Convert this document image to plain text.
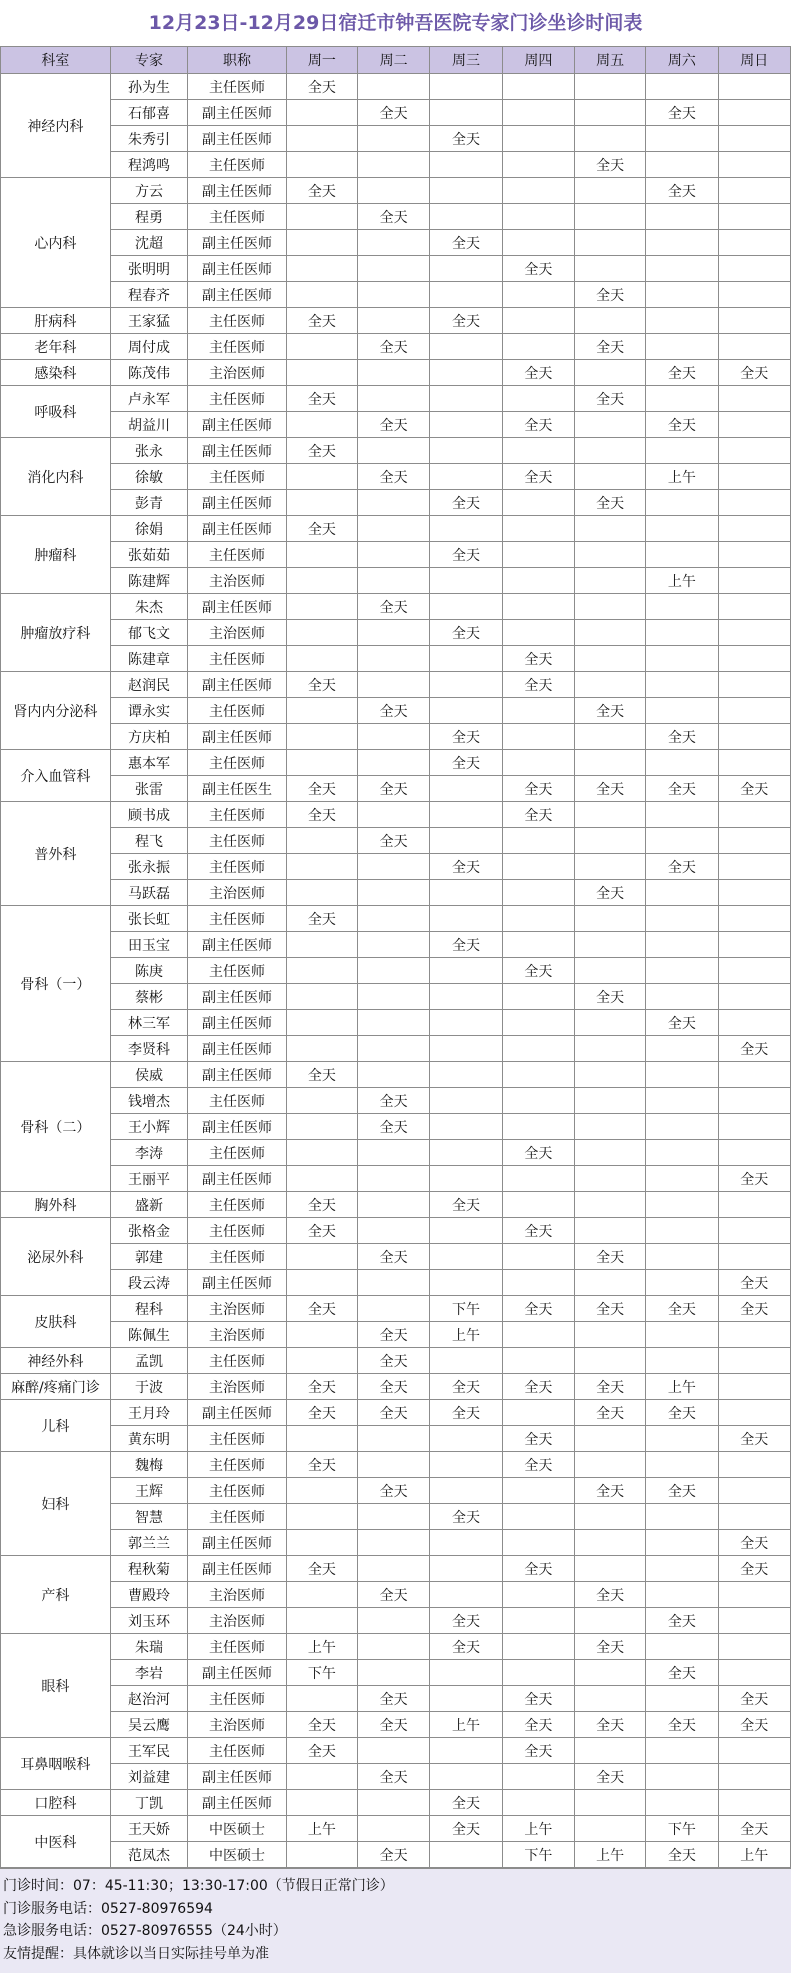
12月23日-12月29日宿迁市钟吾医院专家门诊坐诊时间表
科室	专家	职称	周一	周二	周三	周四	周五	周六	周日
神经内科	孙为生	主任医师	全天						
	石郁喜	副主任医师		全天				全天	
	朱秀引	副主任医师			全天				
	程鸿鸣	主任医师					全天		
心内科	方云	副主任医师	全天					全天	
	程勇	主任医师		全天					
	沈超	副主任医师			全天				
	张明明	副主任医师				全天			
	程春齐	副主任医师					全天		
肝病科	王家猛	主任医师	全天		全天				
老年科	周付成	主任医师		全天			全天		
感染科	陈茂伟	主治医师				全天		全天	全天
呼吸科	卢永军	主任医师	全天				全天		
	胡益川	副主任医师		全天		全天		全天	
消化内科	张永	副主任医师	全天						
	徐敏	主任医师		全天		全天		上午	
	彭青	副主任医师			全天		全天		
肿瘤科	徐娟	副主任医师	全天						
	张茹茹	主任医师			全天				
	陈建辉	主治医师						上午	
肿瘤放疗科	朱杰	副主任医师		全天					
	郁飞文	主治医师			全天				
	陈建章	主任医师				全天			
肾内内分泌科	赵润民	副主任医师	全天			全天			
	谭永实	主任医师		全天			全天		
	方庆柏	副主任医师			全天			全天	
介入血管科	惠本军	主任医师			全天				
	张雷	副主任医生	全天	全天		全天	全天	全天	全天
普外科	顾书成	主任医师	全天			全天			
	程飞	主任医师		全天					
	张永振	主任医师			全天			全天	
	马跃磊	主治医师					全天		
骨科（一）	张长虹	主任医师	全天						
	田玉宝	副主任医师			全天				
	陈庚	主任医师				全天			
	蔡彬	副主任医师					全天		
	林三军	副主任医师						全天	
	李贤科	副主任医师							全天
骨科（二）	侯威	副主任医师	全天						
	钱增杰	主任医师		全天					
	王小辉	副主任医师		全天					
	李涛	主任医师				全天			
	王丽平	副主任医师							全天
胸外科	盛新	主任医师	全天		全天				
泌尿外科	张格金	主任医师	全天			全天			
	郭建	主任医师		全天			全天		
	段云涛	副主任医师							全天
皮肤科	程科	主治医师	全天		下午	全天	全天	全天	全天
	陈佩生	主治医师		全天	上午				
神经外科	孟凯	主任医师		全天					
麻醉/疼痛门诊	于波	主治医师	全天	全天	全天	全天	全天	上午	
儿科	王月玲	副主任医师	全天	全天	全天		全天	全天	
	黄东明	主任医师				全天			全天
妇科	魏梅	主任医师	全天			全天			
	王辉	主任医师		全天			全天	全天	
	智慧	主任医师			全天				
	郭兰兰	副主任医师							全天
产科	程秋菊	副主任医师	全天			全天			全天
	曹殿玲	主治医师		全天			全天		
	刘玉环	主治医师			全天			全天	
眼科	朱瑞	主任医师	上午		全天		全天		
	李岩	副主任医师	下午					全天	
	赵治河	主任医师		全天		全天			全天
	吴云鹰	主治医师	全天	全天	上午	全天	全天	全天	全天
耳鼻咽喉科	王军民	主任医师	全天			全天			
	刘益建	副主任医师		全天			全天		
口腔科	丁凯	副主任医师			全天				
中医科	王天娇	中医硕士	上午		全天	上午		下午	全天
	范凤杰	中医硕士		全天		下午	上午	全天	上午
门诊时间：07：45-11:30；13:30-17:00（节假日正常门诊）
门诊服务电话：0527-80976594
急诊服务电话：0527-80976555（24小时）
友情提醒：具体就诊以当日实际挂号单为准
